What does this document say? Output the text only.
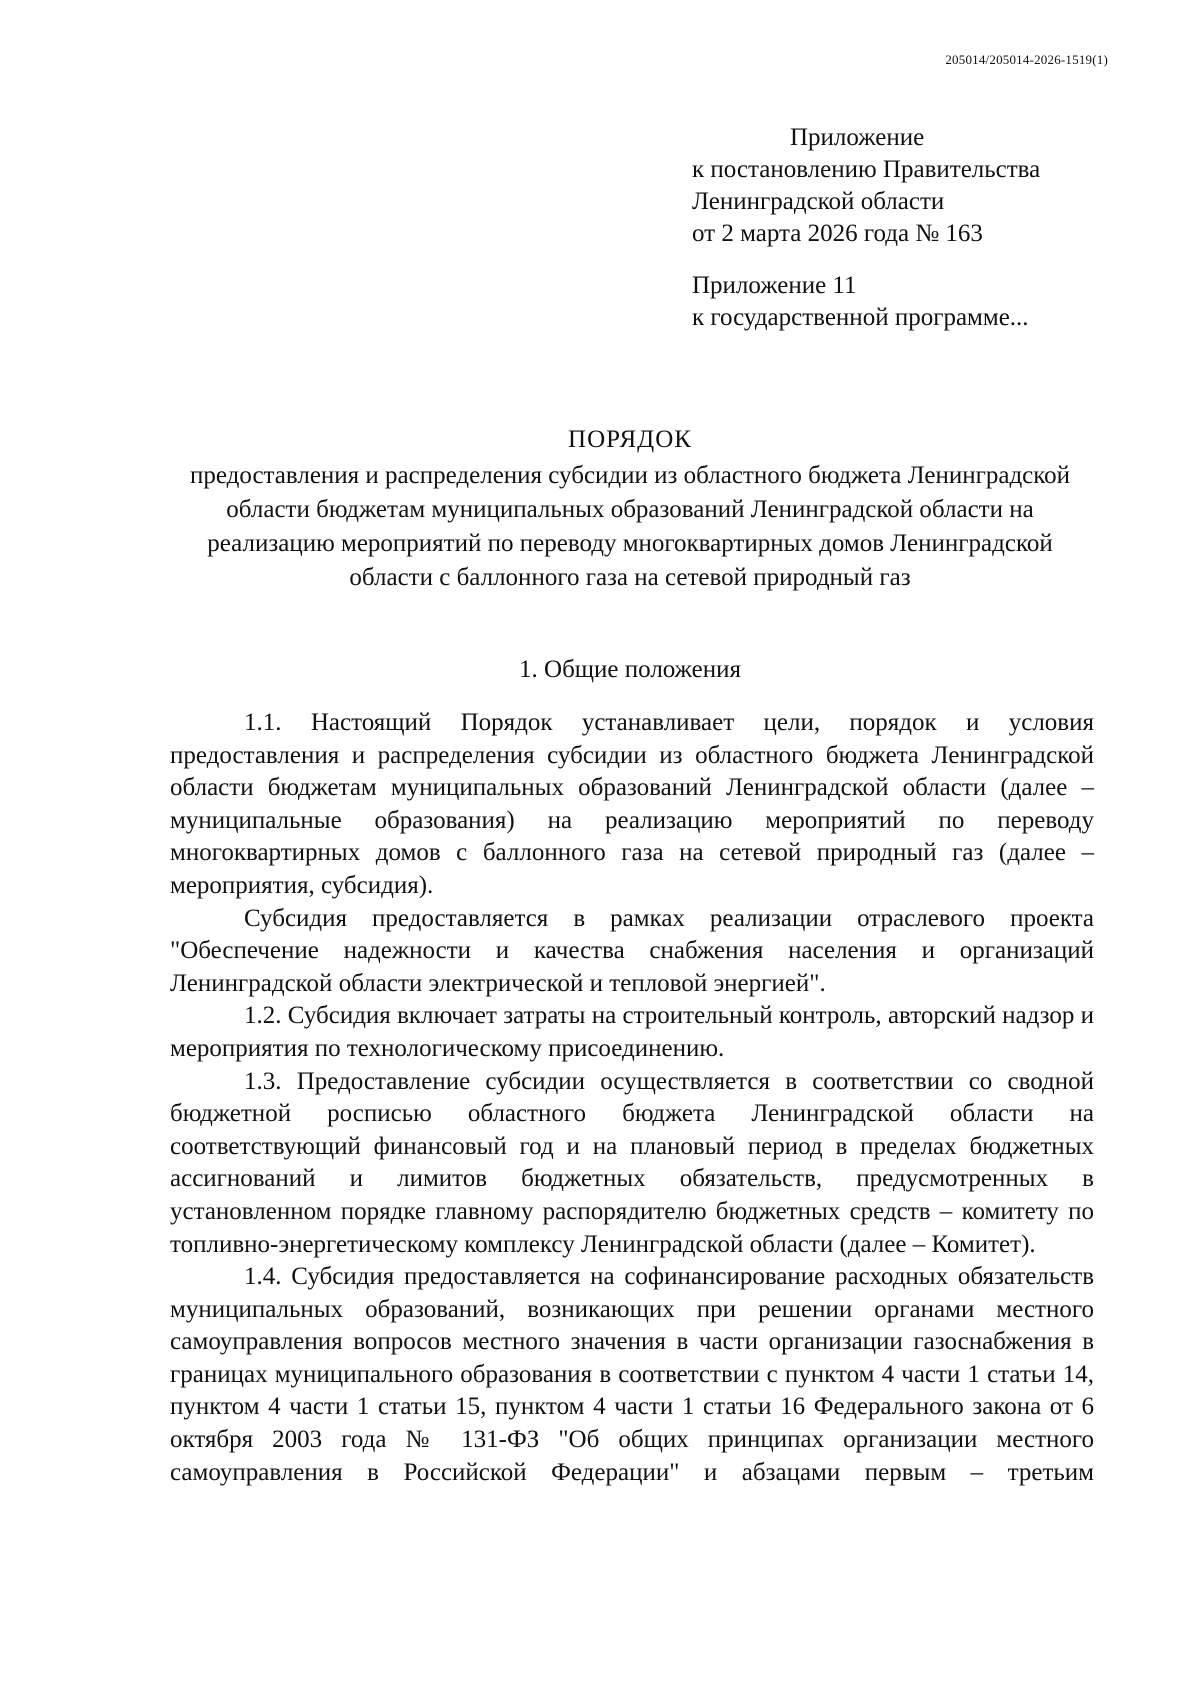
205014/205014-2026-1519(1)
Приложение
к постановлению Правительства
Ленинградской области
от 2 марта 2026 года № 163
Приложение 11
к государственной программе...
ПОРЯДОК
предоставления и распределения субсидии из областного бюджета Ленинградской области бюджетам муниципальных образований Ленинградской области на реализацию мероприятий по переводу многоквартирных домов Ленинградской области с баллонного газа на сетевой природный газ
1. Общие положения

1.1. Настоящий Порядок устанавливает цели, порядок и условия предоставления и распределения субсидии из областного бюджета Ленинградской области бюджетам муниципальных образований Ленинградской области (далее – муниципальные образования) на реализацию мероприятий по переводу многоквартирных домов с баллонного газа на сетевой природный газ (далее – мероприятия, субсидия).

Субсидия предоставляется в рамках реализации отраслевого проекта "Обеспечение надежности и качества снабжения населения и организаций Ленинградской области электрической и тепловой энергией".

1.2. Субсидия включает затраты на строительный контроль, авторский надзор и мероприятия по технологическому присоединению.

1.3. Предоставление субсидии осуществляется в соответствии со сводной бюджетной росписью областного бюджета Ленинградской области на соответствующий финансовый год и на плановый период в пределах бюджетных ассигнований и лимитов бюджетных обязательств, предусмотренных в установленном порядке главному распорядителю бюджетных средств – комитету по топливно-энергетическому комплексу Ленинградской области (далее – Комитет).

1.4. Субсидия предоставляется на софинансирование расходных обязательств муниципальных образований, возникающих при решении органами местного самоуправления вопросов местного значения в части организации газоснабжения в границах муниципального образования в соответствии с пунктом 4 части 1 статьи 14, пунктом 4 части 1 статьи 15, пунктом 4 части 1 статьи 16 Федерального закона от 6 октября 2003 года № 131-ФЗ "Об общих принципах организации местного самоуправления в Российской Федерации" и абзацами первым – третьим
